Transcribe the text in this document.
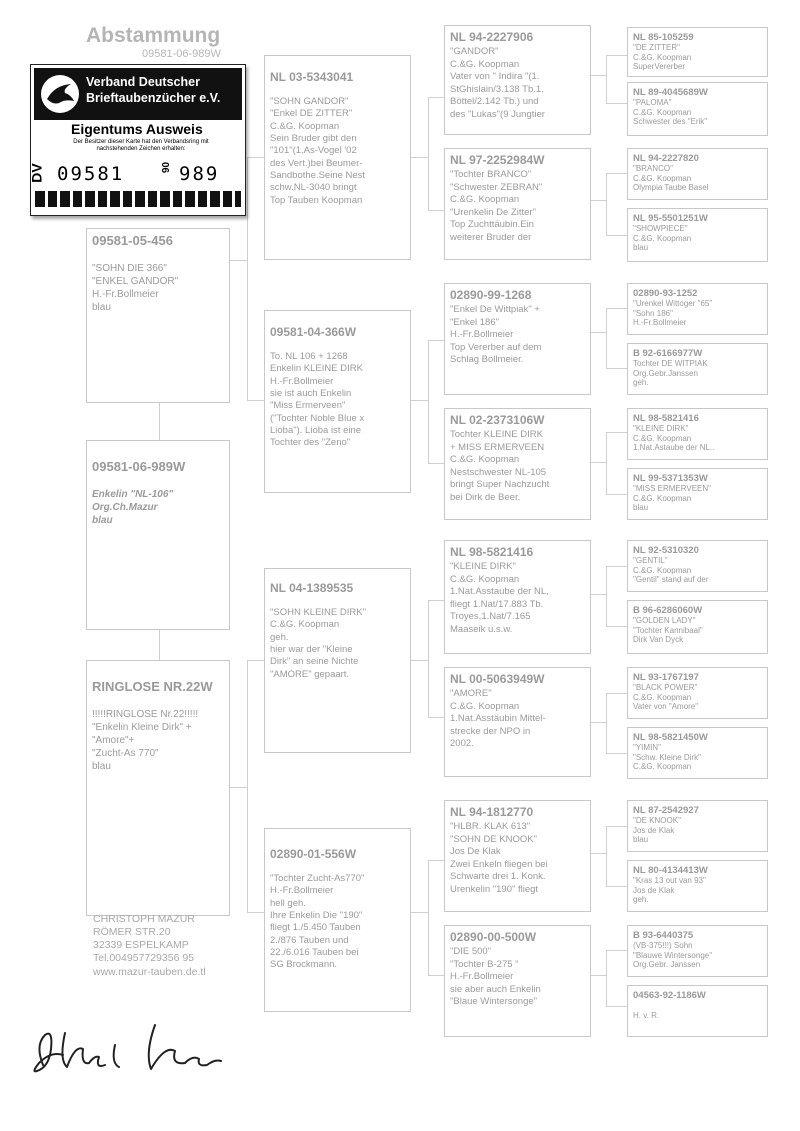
Abstammung
09581-06-989W
09581-05-456
"SOHN DIE 366"
"ENKEL GANDOR"
H.-Fr.Bollmeier
blau
09581-06-989W
Enkelin "NL-106"
Org.Ch.Mazur
blau
RINGLOSE NR.22W
!!!!!RINGLOSE Nr.22!!!!!
"Enkelin Kleine Dirk" +
"Amore"+
"Zucht-As 770"
blau
NL 03-5343041
"SOHN GANDOR"
"Enkel DE ZITTER"
C.&G. Koopman
Sein Bruder gibt den
"101"(1.As-Vogel '02
des Vert.)bei Beumer-
Sandbothe.Seine Nest
schw.NL-3040 bringt
Top Tauben Koopman
09581-04-366W
To. NL 106 + 1268
Enkelin KLEINE DIRK
H.-Fr.Bollmeier
sie ist auch Enkelin
"Miss Ermerveen"
("Tochter Noble Blue x
Lioba"). Lioba ist eine
Tochter des "Zeno"
NL 04-1389535
"SOHN KLEINE DIRK"
C.&G. Koopman
geh.
hier war der "Kleine
Dirk" an seine Nichte
"AMORE" gepaart.
02890-01-556W
"Tochter Zucht-As770"
H.-Fr.Bollmeier
hell geh.
Ihre Enkelin Die "190"
fliegt 1./5.450 Tauben
2./876 Tauben und
22./6.016 Tauben bei
SG Brockmann.
NL 94-2227906
"GANDOR"
C.&G. Koopman
Vater von " Indira "(1.
StGhislain/3.138 Tb.1.
Böttel/2.142 Tb.) und
des "Lukas"(9 Jungtier
NL 97-2252984W
"Tochter BRANCO"
"Schwester ZEBRAN"
C.&G. Koopman
"Urenkelin De Zitter"
Top Zuchttäubin.Ein
weiterer Bruder der
02890-99-1268
"Enkel De Wittpiak" +
"Enkel 186"
H.-Fr.Bollmeier
Top Vererber auf dem
Schlag Bollmeier.
NL 02-2373106W
Tochter KLEINE DIRK
+ MISS ERMERVEEN
C.&G. Koopman
Nestschwester NL-105
bringt Super Nachzucht
bei Dirk de Beer.
NL 98-5821416
"KLEINE DIRK"
C.&G. Koopman
1.Nat.Asstaube der NL,
fliegt 1.Nat/17.883 Tb.
Troyes,1.Nat/7.165
Maaseik u.s.w.
NL 00-5063949W
"AMORE"
C.&G. Koopman
1.Nat.Asstäubin Mittel-
strecke der NPO in
2002.
NL 94-1812770
"HLBR. KLAK 613"
"SOHN DE KNOOK"
Jos De Klak
Zwei Enkeln fliegen bei
Schwarte drei 1. Konk.
Urenkelin "190" fliegt
02890-00-500W
"DIE 500"
"Tochter B-275 "
H.-Fr.Bollmeier
sie aber auch Enkelin
"Blaue Wintersonge"
NL 85-105259
"DE ZITTER"
C.&G. Koopman
SuperVererber
NL 89-4045689W
"PALOMA"
C.&G. Koopman
Schwester des "Erik"
NL 94-2227820
"BRANCO"
C.&G. Koopman
Olympia Taube Basel
NL 95-5501251W
"SHOWPIECE"
C.&G. Koopman
blau
02890-93-1252
"Urenkel Wittoger "65"
"Sohn 186"
H.-Fr.Bollmeier
B 92-6166977W
Tochter DE WITPIAK
Org.Gebr.Janssen
geh.
NL 98-5821416
"KLEINE DIRK"
C.&G. Koopman
1.Nat.Astaube der NL..
NL 99-5371353W
"MISS ERMERVEEN"
C.&G. Koopman
blau
NL 92-5310320
"GENTIL"
C.&G. Koopman
"Gentil" stand auf der
B 96-6286060W
"GOLDEN LADY"
"Tochter Kannibaal"
Dirk Van Dyck
NL 93-1767197
"BLACK POWER"
C.&G. Koopman
Vater von "Amore"
NL 98-5821450W
"YIMIN"
"Schw. Kleine Dirk"
C.&G. Koopman
NL 87-2542927
"DE KNOOK"
Jos de Klak
blau
NL 80-4134413W
"Kras 13 out van 93"
Jos de Klak
geh.
B 93-6440375
(VB-375!!!) Sohn
"Blauwe Wintersonge"
Org.Gebr. Janssen
04563-92-1186W
H. v. R.
Verband Deutscher
Brieftaubenzücher e.V.
Eigentums Ausweis
Der Besitzer dieser Karte hat den Verbandsring mit nachstehenden Zeichen erhalten:
DV 09581	06 989
CHRISTOPH MAZUR
RÖMER STR.20
32339 ESPELKAMP
Tel.004957729356 95
www.mazur-tauben.de.tl
